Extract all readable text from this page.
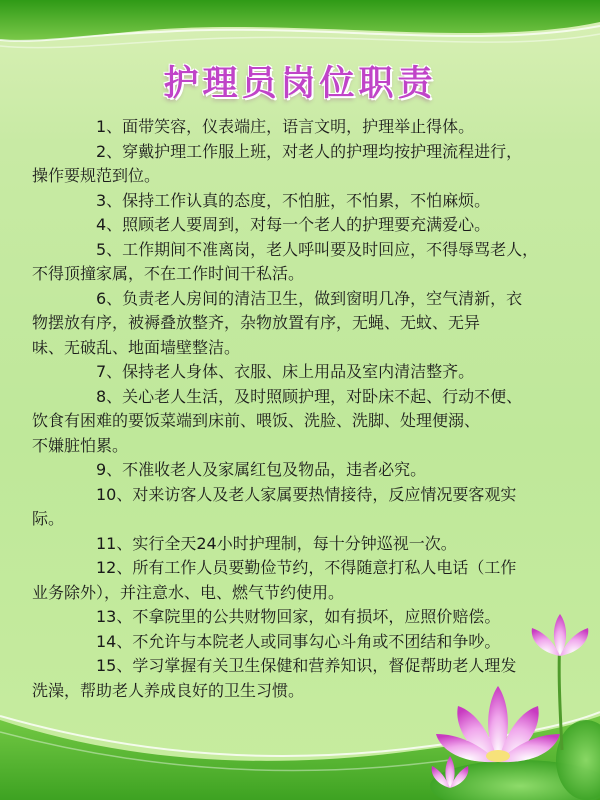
护理员岗位职责
1、面带笑容，仪表端庄，语言文明，护理举止得体。
2、穿戴护理工作服上班，对老人的护理均按护理流程进行，
操作要规范到位。
3、保持工作认真的态度，不怕脏，不怕累，不怕麻烦。
4、照顾老人要周到，对每一个老人的护理要充满爱心。
5、工作期间不准离岗，老人呼叫要及时回应，不得辱骂老人，
不得顶撞家属，不在工作时间干私活。
6、负责老人房间的清洁卫生，做到窗明几净，空气清新，衣
物摆放有序，被褥叠放整齐，杂物放置有序，无蝇、无蚊、无异
味、无破乱、地面墙壁整洁。
7、保持老人身体、衣服、床上用品及室内清洁整齐。
8、关心老人生活，及时照顾护理，对卧床不起、行动不便、
饮食有困难的要饭菜端到床前、喂饭、洗脸、洗脚、处理便溺、
不嫌脏怕累。
9、不准收老人及家属红包及物品，违者必究。
10、对来访客人及老人家属要热情接待，反应情况要客观实
际。
11、实行全天24小时护理制，每十分钟巡视一次。
12、所有工作人员要勤俭节约，不得随意打私人电话（工作
业务除外），并注意水、电、燃气节约使用。
13、不拿院里的公共财物回家，如有损坏，应照价赔偿。
14、不允许与本院老人或同事勾心斗角或不团结和争吵。
15、学习掌握有关卫生保健和营养知识，督促帮助老人理发
洗澡，帮助老人养成良好的卫生习惯。
